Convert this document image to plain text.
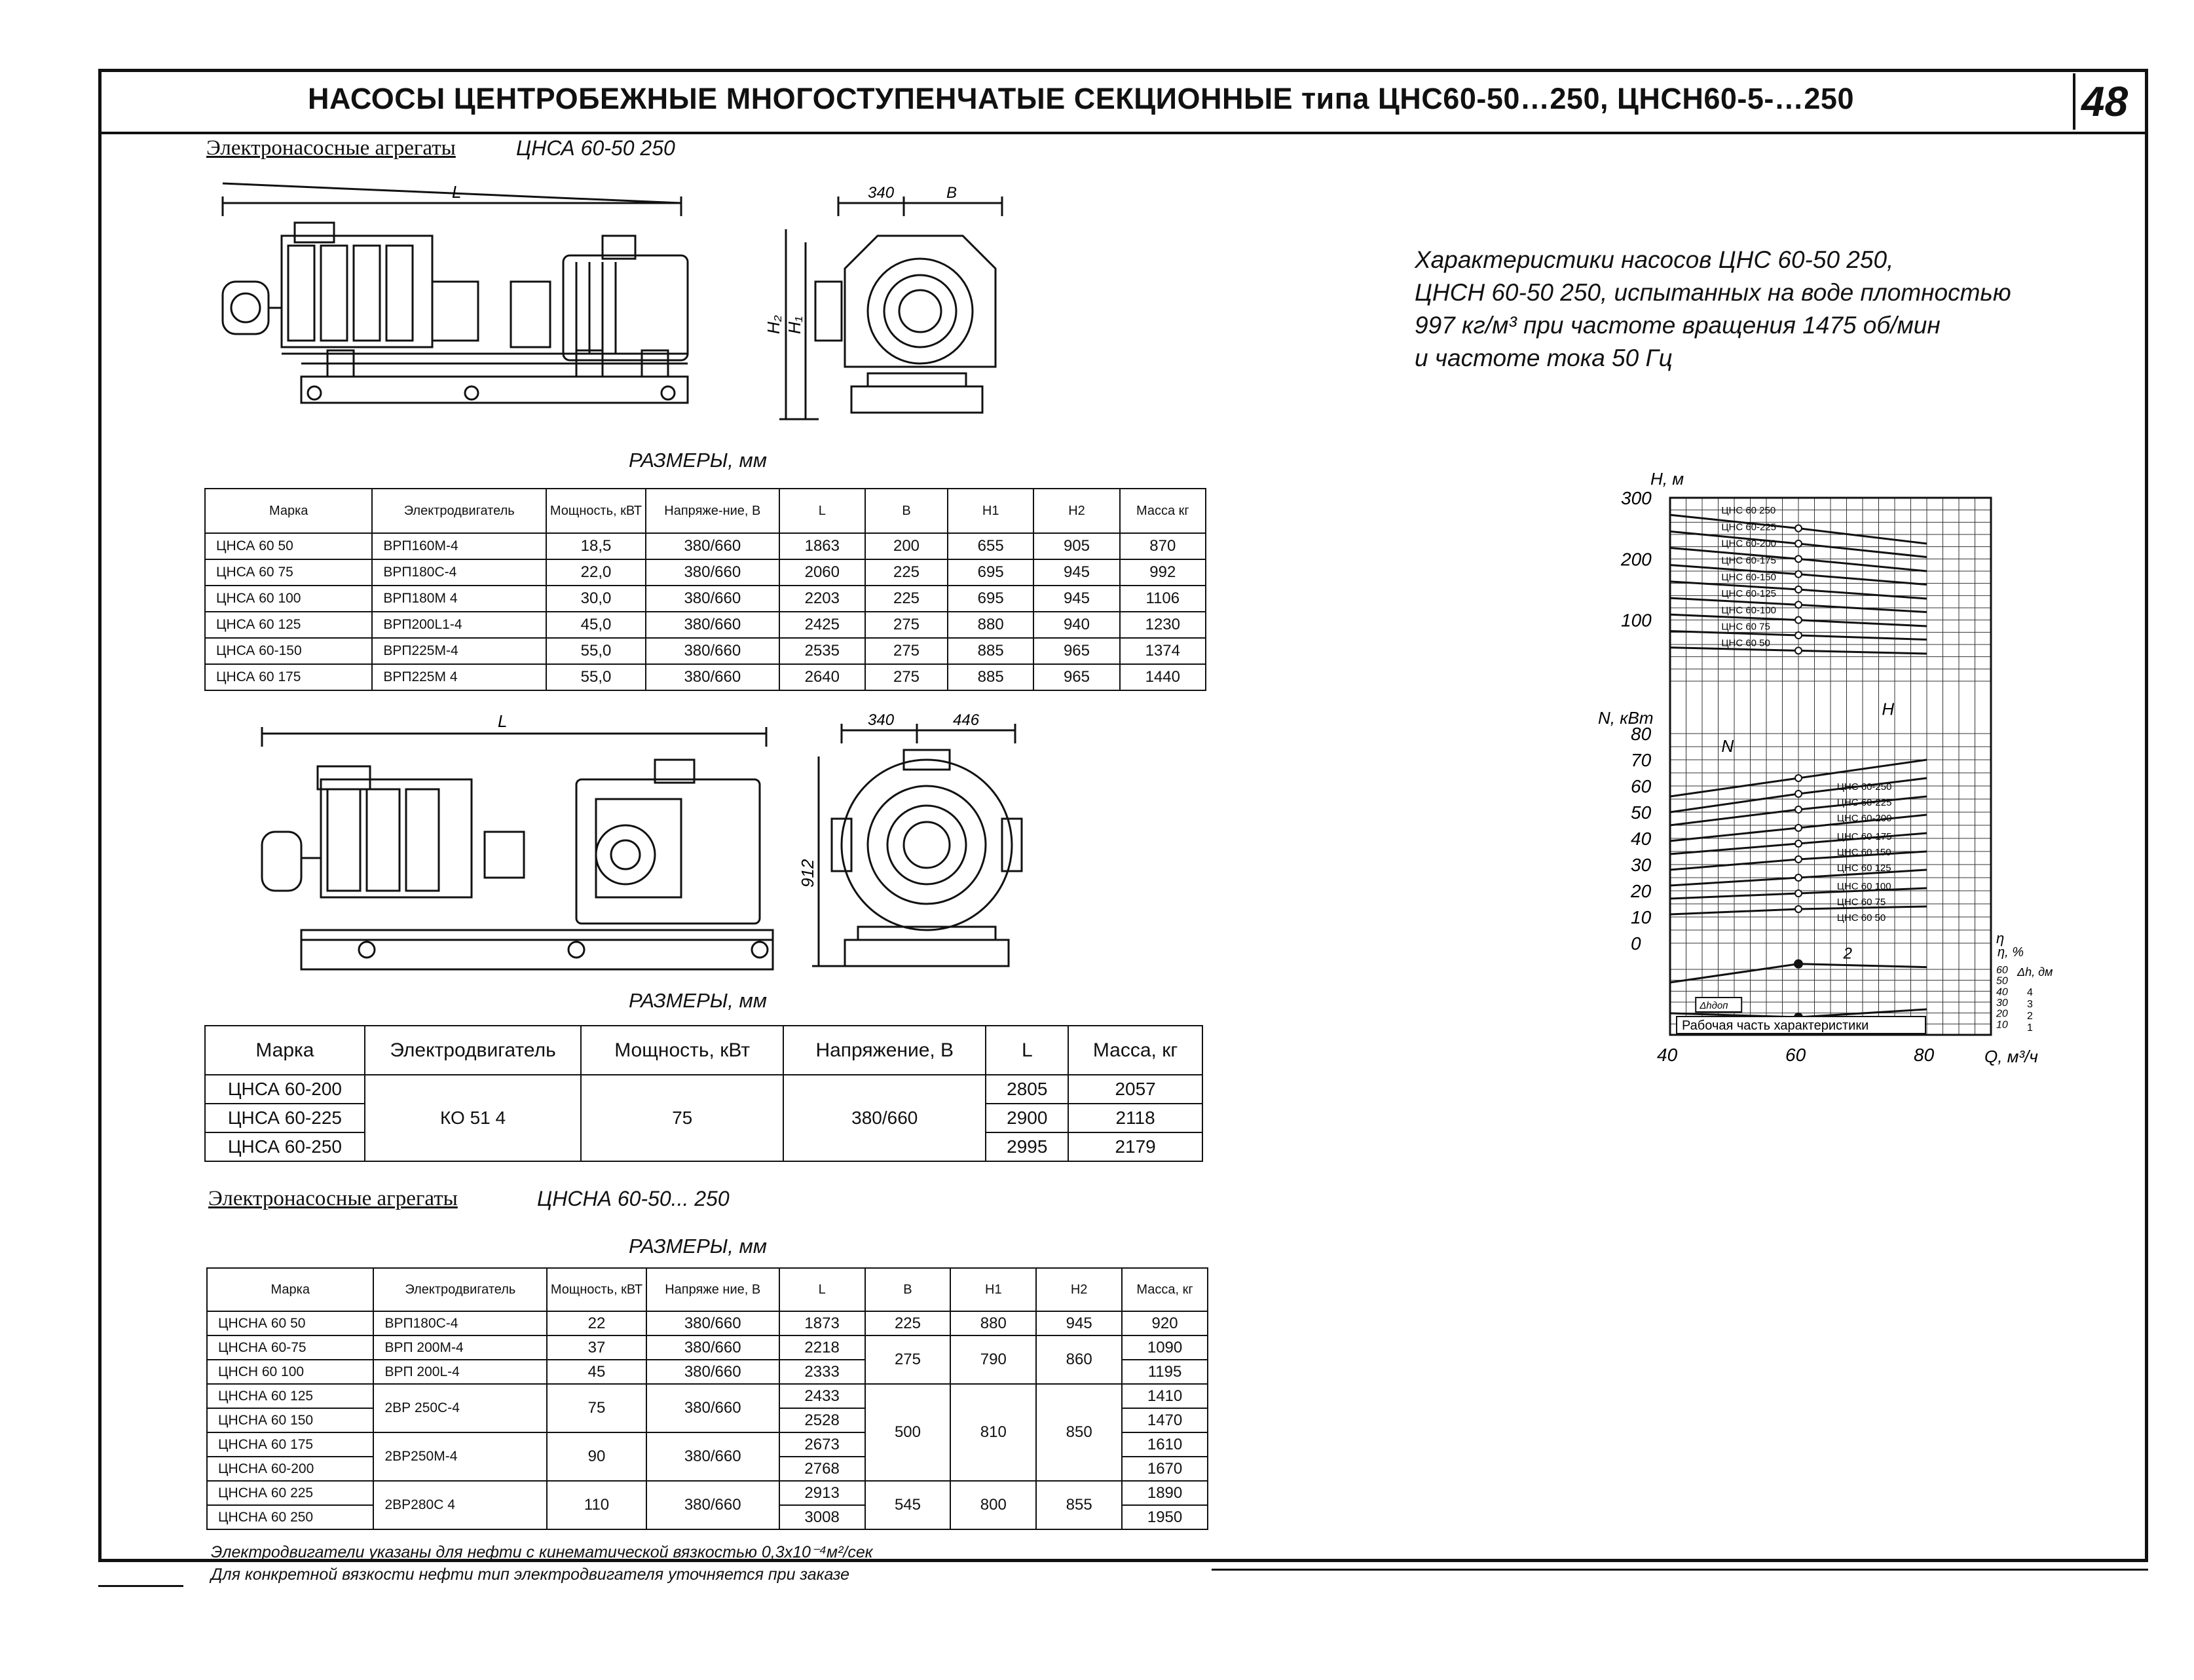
НАСОСЫ ЦЕНТРОБЕЖНЫЕ МНОГОСТУПЕНЧАТЫЕ СЕКЦИОННЫЕ типа ЦНС60-50…250, ЦНСН60-5-…250	48
Электронасосные агрегаты	ЦНСА 60-50 250
L	340	B
H₂ H₁
РАЗМЕРЫ, мм
Марка	Электродвигатель	Мощность, кВТ	Напряже-ние, В	L	В	H1	H2	Масса кг
ЦНСА 60 50	ВРП160М-4	18,5	380/660	1863	200	655	905	870
ЦНСА 60 75	ВРП180С-4	22,0	380/660	2060	225	695	945	992
ЦНСА 60 100	ВРП180М 4	30,0	380/660	2203	225	695	945	1106
ЦНСА 60 125	ВРП200L1-4	45,0	380/660	2425	275	880	940	1230
ЦНСА 60-150	ВРП225М-4	55,0	380/660	2535	275	885	965	1374
ЦНСА 60 175	ВРП225М 4	55,0	380/660	2640	275	885	965	1440
L	340	446
912
РАЗМЕРЫ, мм
Марка	Электродвигатель	Мощность, кВт	Напряжение, В	L	Масса, кг
ЦНСА 60-200	КО 51 4	75	380/660	2805	2057
ЦНСА 60-225				2900	2118
ЦНСА 60-250				2995	2179
Электронасосные агрегаты	ЦНСНА 60-50... 250
РАЗМЕРЫ, мм
Марка	Электродвигатель	Мощность, кВТ	Напряже ние, В	L	В	H1	H2	Масса, кг
ЦНСНА 60 50	ВРП180С-4	22	380/660	1873	225	880	945	920
ЦНСНА 60-75	ВРП 200М-4	37	380/660	2218	275	790	860	1090
ЦНСН 60 100	ВРП 200L-4	45	380/660	2333				1195
ЦНСНА 60 125	2ВР 250С-4	75	380/660	2433	500	810	850	1410
ЦНСНА 60 150				2528				1470
ЦНСНА 60 175	2ВР250М-4	90	380/660	2673				1610
ЦНСНА 60-200				2768				1670
ЦНСНА 60 225	2ВР280С 4	110	380/660	2913	545	800	855	1890
ЦНСНА 60 250				3008				1950
Электродвигатели указаны для нефти с кинематической вязкостью 0,3х10⁻⁴м²/сек
Для конкретной вязкости нефти тип электродвигателя уточняется при заказе
Характеристики насосов ЦНС 60-50 250,
ЦНСН 60-50 250, испытанных на воде плотностью
997 кг/м³ при частоте вращения 1475 об/мин
и частоте тока 50 Гц
H, м
300
200
100
N, кВт
80
70
60
50
40
30
20
10
0
60
50
40
30
20
10
η, %
Δh, дм
4
3
2
1
40	60	80	Q, м³/ч
ЦНС 60 250
ЦНС 60-225
ЦНС 60-200
ЦНС 60-175
ЦНС 60-150
ЦНС 60-125
ЦНС 60-100
ЦНС 60 75
ЦНС 60 50
H
ЦНС 60-250
ЦНС 60-225
ЦНС 60-200
ЦНС 60-175
ЦНС 60 150
ЦНС 60 125
ЦНС 60 100
ЦНС 60 75
ЦНС 60 50
N
2
η
Δhдоп
Рабочая часть характеристики
